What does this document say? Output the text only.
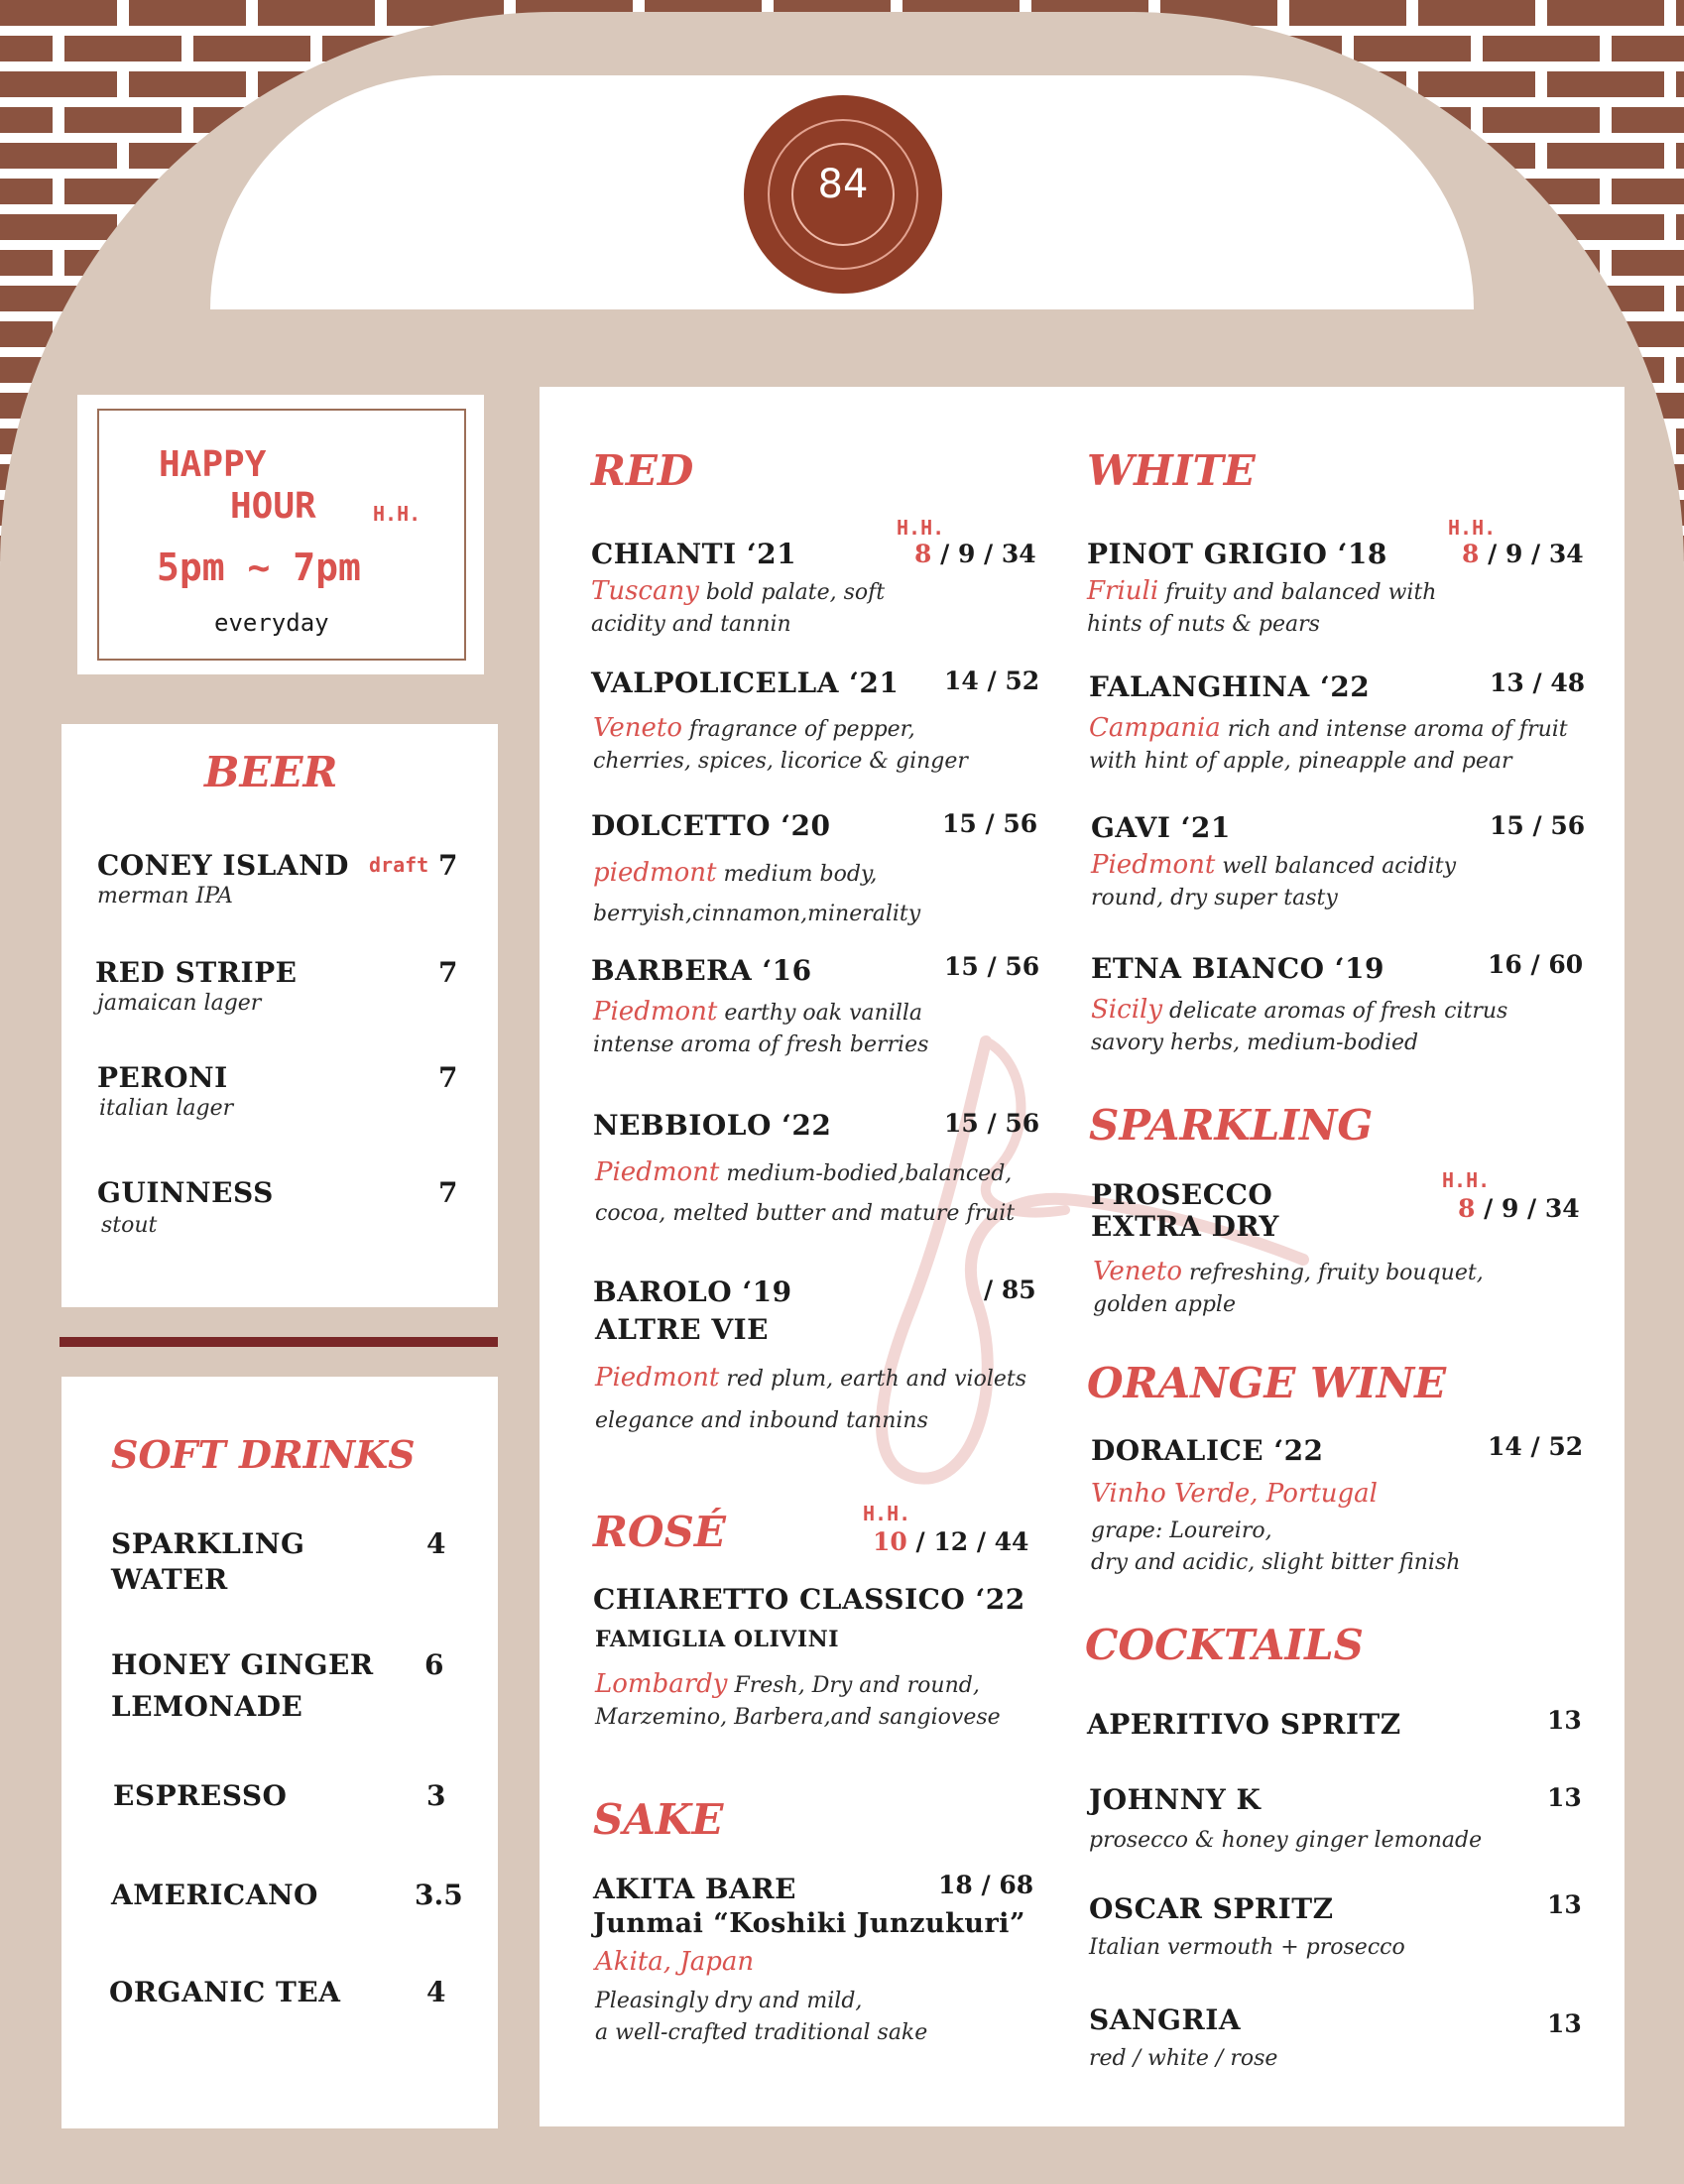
84
HAPPY
HOUR	H.H.
5pm ~ 7pm
everyday
BEER
CONEY ISLAND draft 7
merman IPA
RED STRIPE	7
jamaican lager
PERONI	7
italian lager
GUINNESS	7
stout
SOFT DRINKS
SPARKLING
WATER
4
HONEY GINGER
LEMONADE
6
ESPRESSO	3
AMERICANO	3.5
ORGANIC TEA	4
RED
H.H.
CHIANTI ‘21	8 / 9 / 34
Tuscany bold palate, soft
acidity and tannin
VALPOLICELLA ‘21 14 / 52
Veneto fragrance of pepper,
cherries, spices, licorice & ginger
DOLCETTO ‘20	15 / 56
piedmont medium body,
berryish,cinnamon,minerality
BARBERA ‘16	15 / 56
Piedmont earthy oak vanilla
intense aroma of fresh berries
NEBBIOLO ‘22	15 / 56
Piedmont medium-bodied,balanced,
cocoa, melted butter and mature fruit
BAROLO ‘19
ALTRE VIE
/ 85
Piedmont red plum, earth and violets
elegance and inbound tannins
ROSÉ	H.H.
10 / 12 / 44
CHIARETTO CLASSICO ‘22
FAMIGLIA OLIVINI
Lombardy Fresh, Dry and round,
Marzemino, Barbera,and sangiovese
SAKE
AKITA BARE	18 / 68
Junmai “Koshiki Junzukuri”
Akita, Japan
Pleasingly dry and mild,
a well-crafted traditional sake
WHITE
H.H.
PINOT GRIGIO ‘18	8 / 9 / 34
Friuli fruity and balanced with
hints of nuts & pears
FALANGHINA ‘22	13 / 48
Campania rich and intense aroma of fruit
with hint of apple, pineapple and pear
GAVI ‘21	15 / 56
Piedmont well balanced acidity
round, dry super tasty
ETNA BIANCO ‘19	16 / 60
Sicily delicate aromas of fresh citrus
savory herbs, medium-bodied
SPARKLING
H.H.
PROSECCO
EXTRA DRY
8 / 9 / 34
Veneto refreshing, fruity bouquet,
golden apple
ORANGE WINE
DORALICE ‘22	14 / 52
Vinho Verde, Portugal
grape: Loureiro,
dry and acidic, slight bitter finish
COCKTAILS
APERITIVO SPRITZ	13
JOHNNY K	13
prosecco & honey ginger lemonade
OSCAR SPRITZ	13
Italian vermouth + prosecco
SANGRIA	13
red / white / rose
